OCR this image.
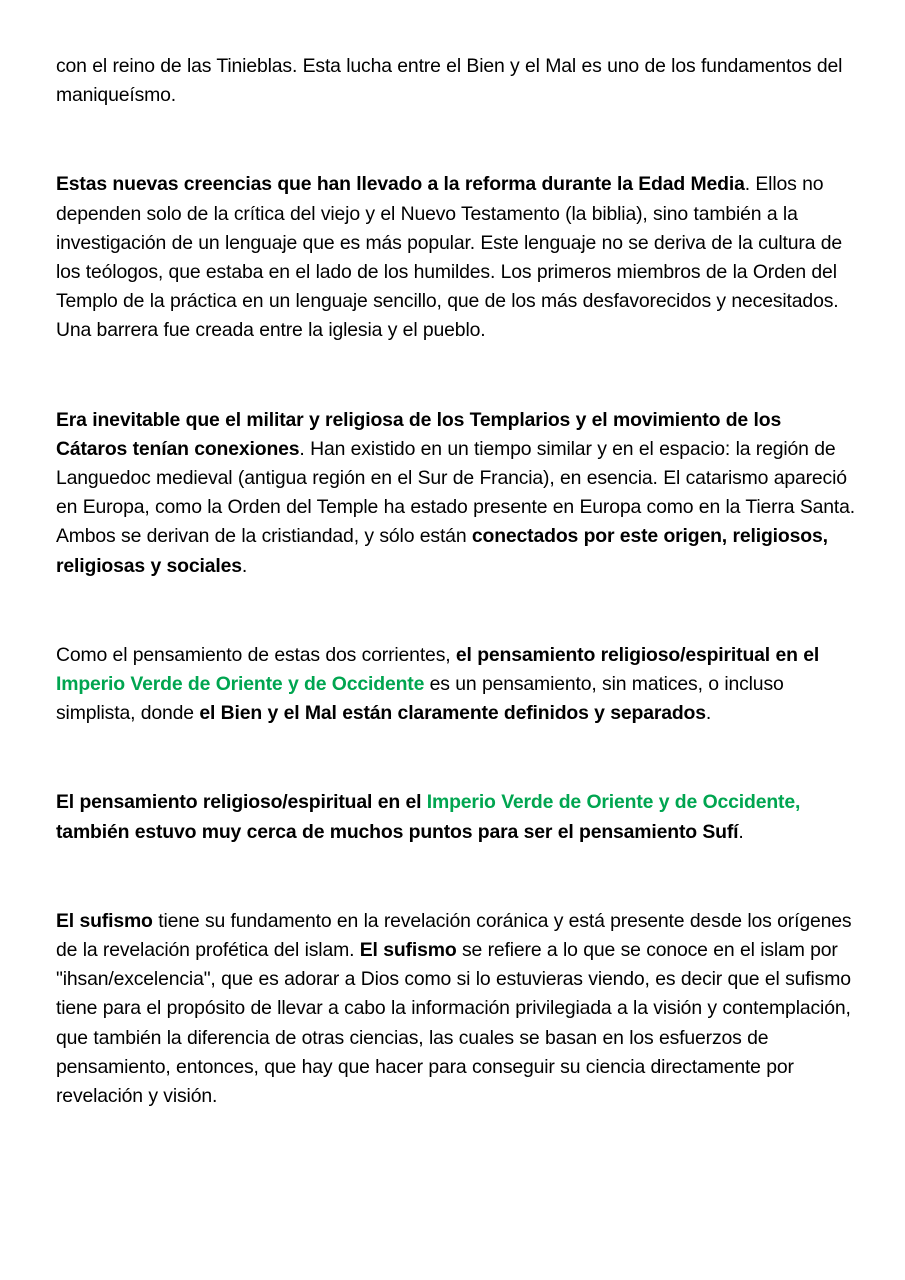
con el reino de las Tinieblas. Esta lucha entre el Bien y el Mal es uno de los fundamentos del maniqueísmo.

Estas nuevas creencias que han llevado a la reforma durante la Edad Media. Ellos no dependen solo de la crítica del viejo y el Nuevo Testamento (la biblia), sino también a la investigación de un lenguaje que es más popular. Este lenguaje no se deriva de la cultura de los teólogos, que estaba en el lado de los humildes. Los primeros miembros de la Orden del Templo de la práctica en un lenguaje sencillo, que de los más desfavorecidos y necesitados. Una barrera fue creada entre la iglesia y el pueblo.

Era inevitable que el militar y religiosa de los Templarios y el movimiento de los Cátaros tenían conexiones. Han existido en un tiempo similar y en el espacio: la región de Languedoc medieval (antigua región en el Sur de Francia), en esencia. El catarismo apareció en Europa, como la Orden del Temple ha estado presente en Europa como en la Tierra Santa. Ambos se derivan de la cristiandad, y sólo están conectados por este origen, religiosos, religiosas y sociales.

Como el pensamiento de estas dos corrientes, el pensamiento religioso/espiritual en el Imperio Verde de Oriente y de Occidente es un pensamiento, sin matices, o incluso simplista, donde el Bien y el Mal están claramente definidos y separados.

El pensamiento religioso/espiritual en el Imperio Verde de Oriente y de Occidente, también estuvo muy cerca de muchos puntos para ser el pensamiento Sufí.

El sufismo tiene su fundamento en la revelación coránica y está presente desde los orígenes de la revelación profética del islam. El sufismo se refiere a lo que se conoce en el islam por "ihsan/excelencia", que es adorar a Dios como si lo estuvieras viendo, es decir que el sufismo tiene para el propósito de llevar a cabo la información privilegiada a la visión y contemplación, que también la diferencia de otras ciencias, las cuales se basan en los esfuerzos de pensamiento, entonces, que hay que hacer para conseguir su ciencia directamente por revelación y visión.
